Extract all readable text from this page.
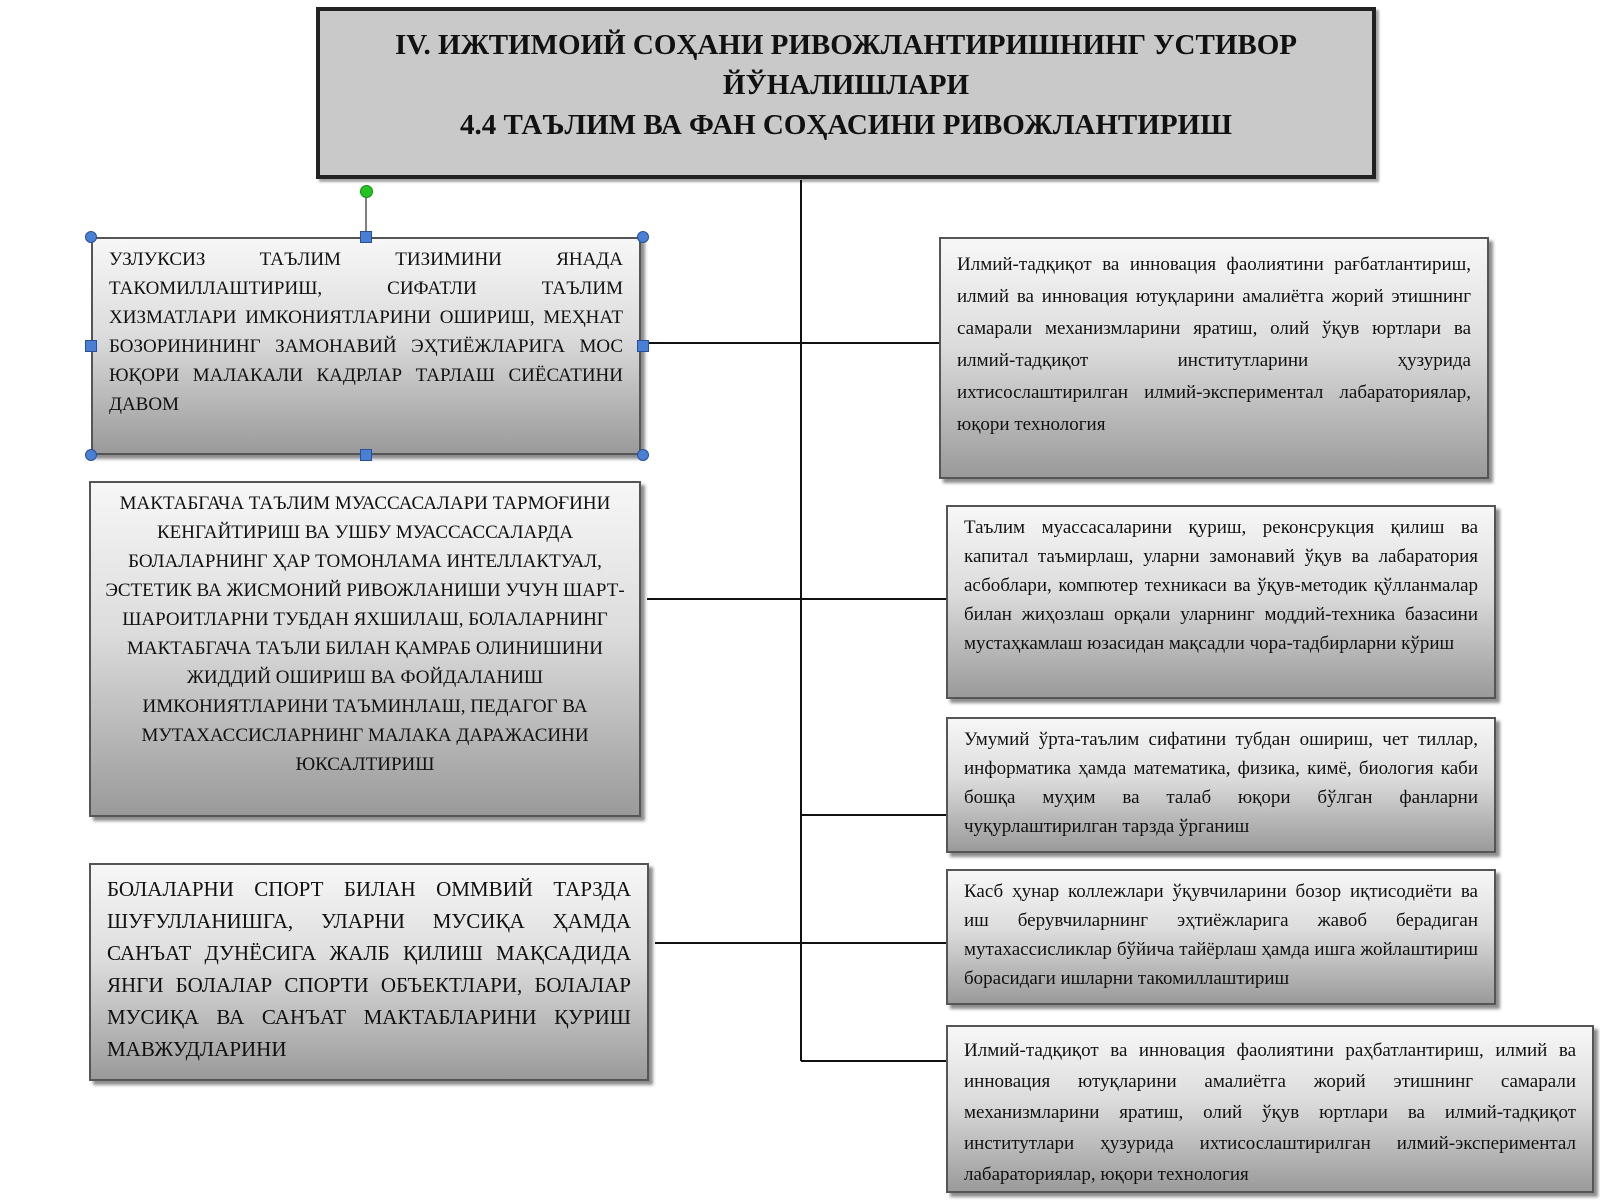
IV. ИЖТИМОИЙ СОҲАНИ РИВОЖЛАНТИРИШНИНГ УСТИВОР
ЙЎНАЛИШЛАРИ
4.4 ТАЪЛИМ ВА ФАН СОҲАСИНИ РИВОЖЛАНТИРИШ
УЗЛУКСИЗ ТАЪЛИМ ТИЗИМИНИ ЯНАДА ТАКОМИЛЛАШТИРИШ, СИФАТЛИ ТАЪЛИМ ХИЗМАТЛАРИ ИМКОНИЯТЛАРИНИ ОШИРИШ, МЕҲНАТ БОЗОРИНИНИНГ ЗАМОНАВИЙ ЭҲТИЁЖЛАРИГА МОС ЮҚОРИ МАЛАКАЛИ КАДРЛАР ТАРЛАШ СИЁСАТИНИ ДАВОМ
МАКТАБГАЧА ТАЪЛИМ МУАССАСАЛАРИ ТАРМОҒИНИ КЕНГАЙТИРИШ ВА УШБУ МУАССАССАЛАРДА БОЛАЛАРНИНГ ҲАР ТОМОНЛАМА ИНТЕЛЛАКТУАЛ, ЭСТЕТИК ВА ЖИСМОНИЙ РИВОЖЛАНИШИ УЧУН ШАРТ-ШАРОИТЛАРНИ ТУБДАН ЯХШИЛАШ, БОЛАЛАРНИНГ МАКТАБГАЧА ТАЪЛИ БИЛАН ҚАМРАБ ОЛИНИШИНИ ЖИДДИЙ ОШИРИШ ВА ФОЙДАЛАНИШ ИМКОНИЯТЛАРИНИ ТАЪМИНЛАШ, ПЕДАГОГ ВА МУТАХАССИСЛАРНИНГ МАЛАКА ДАРАЖАСИНИ ЮКСАЛТИРИШ
БОЛАЛАРНИ СПОРТ БИЛАН ОММВИЙ ТАРЗДА ШУҒУЛЛАНИШГА, УЛАРНИ МУСИҚА ҲАМДА САНЪАТ ДУНЁСИГА ЖАЛБ ҚИЛИШ МАҚСАДИДА ЯНГИ БОЛАЛАР СПОРТИ ОБЪЕКТЛАРИ, БОЛАЛАР МУСИҚА ВА САНЪАТ МАКТАБЛАРИНИ ҚУРИШ МАВЖУДЛАРИНИ
Илмий-тадқиқот ва инновация фаолиятини рағбатлантириш, илмий ва инновация ютуқларини амалиётга жорий этишнинг самарали механизмларини яратиш, олий ўқув юртлари ва илмий-тадқиқот институтларини ҳузурида ихтисослаштирилган илмий-экспериментал лабараториялар, юқори технология
Таълим муассасаларини қуриш, реконсрукция қилиш ва капитал таъмирлаш, уларни замонавий ўқув ва лабаратория асбоблари, компютер техникаси ва ўқув-методик қўлланмалар билан жиҳозлаш орқали уларнинг моддий-техника базасини мустаҳкамлаш юзасидан мақсадли чора-тадбирларни кўриш
Умумий ўрта-таълим сифатини тубдан ошириш, чет тиллар, информатика ҳамда математика, физика, кимё, биология каби бошқа муҳим ва талаб юқори бўлган фанларни чуқурлаштирилган тарзда ўрганиш
Касб ҳунар коллежлари ўқувчиларини бозор иқтисодиёти ва иш берувчиларнинг эҳтиёжларига жавоб берадиган мутахассисликлар бўйича тайёрлаш ҳамда ишга жойлаштириш борасидаги ишларни такомиллаштириш
Илмий-тадқиқот ва инновация фаолиятини раҳбатлантириш, илмий ва инновация ютуқларини амалиётга жорий этишнинг самарали механизмларини яратиш, олий ўқув юртлари ва илмий-тадқиқот институтлари ҳузурида ихтисослаштирилган илмий-экспериментал лабараториялар, юқори технология
